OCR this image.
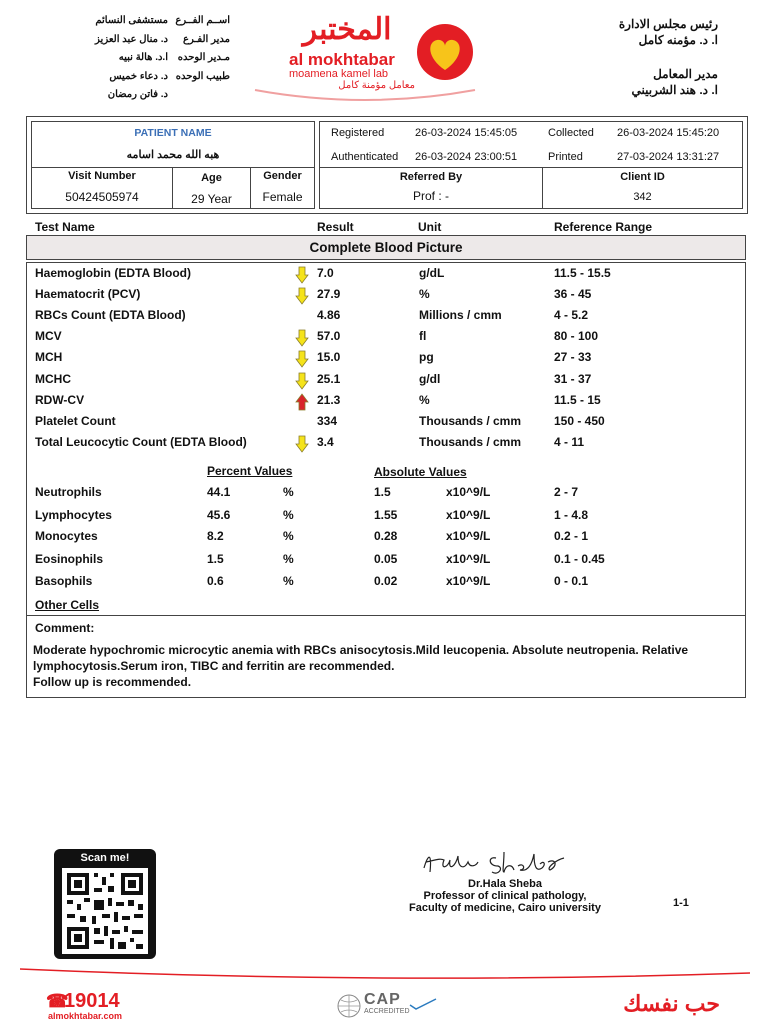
اســم الفــرع
مستشفى النسائم
مدير الفـرع
د. منال عبد العزيز
مـدير الوحده
ا.د. هالة نبيه
طبيب الوحده
د. دعاء خميس
د. فاتن رمضان
المختبر
al mokhtabar
moamena kamel lab
معامل مؤمنة كامل
رئيس مجلس الادارة
ا. د. مؤمنه كامل
مدير المعامل
ا. د. هند الشربيني
PATIENT NAME
هبه الله محمد اسامه
Visit Number
50424505974
Age
29 Year
Gender
Female
Registered	26-03-2024 15:45:05	Collected 26-03-2024 15:45:20
Authenticated 26-03-2024 23:00:51	Printed	27-03-2024 13:31:27
Referred By
Prof : -
Client ID
342
Test Name	Result	Unit	Reference Range
Complete Blood Picture
Haemoglobin (EDTA Blood)	7.0	g/dL	11.5 - 15.5
Haematocrit (PCV)	27.9	%	36 - 45
RBCs Count (EDTA Blood)	4.86	Millions / cmm	4 - 5.2
MCV	57.0	fl	80 - 100
MCH	15.0	pg	27 - 33
MCHC	25.1	g/dl	31 - 37
RDW-CV	21.3	%	11.5 - 15
Platelet Count	334	Thousands / cmm	150 - 450
Total Leucocytic Count (EDTA Blood)	3.4	Thousands / cmm	4 - 11
Percent Values	Absolute Values
Neutrophils	44.1	%	1.5	x10^9/L	2 - 7
Lymphocytes	45.6	%	1.55	x10^9/L	1 - 4.8
Monocytes	8.2	%	0.28	x10^9/L	0.2 - 1
Eosinophils	1.5	%	0.05	x10^9/L	0.1 - 0.45
Basophils	0.6	%	0.02	x10^9/L	0 - 0.1
Other Cells
Comment:
Moderate hypochromic microcytic anemia with RBCs anisocytosis.Mild leucopenia. Absolute neutropenia. Relative
lymphocytosis.Serum iron, TIBC and ferritin are recommended.
Follow up is recommended.
Scan me!
Dr.Hala Sheba
Professor of clinical pathology,
Faculty of medicine, Cairo university	1-1
☎
19014
almokhtabar.com
CAP
ACCREDITED	حب نفسك
